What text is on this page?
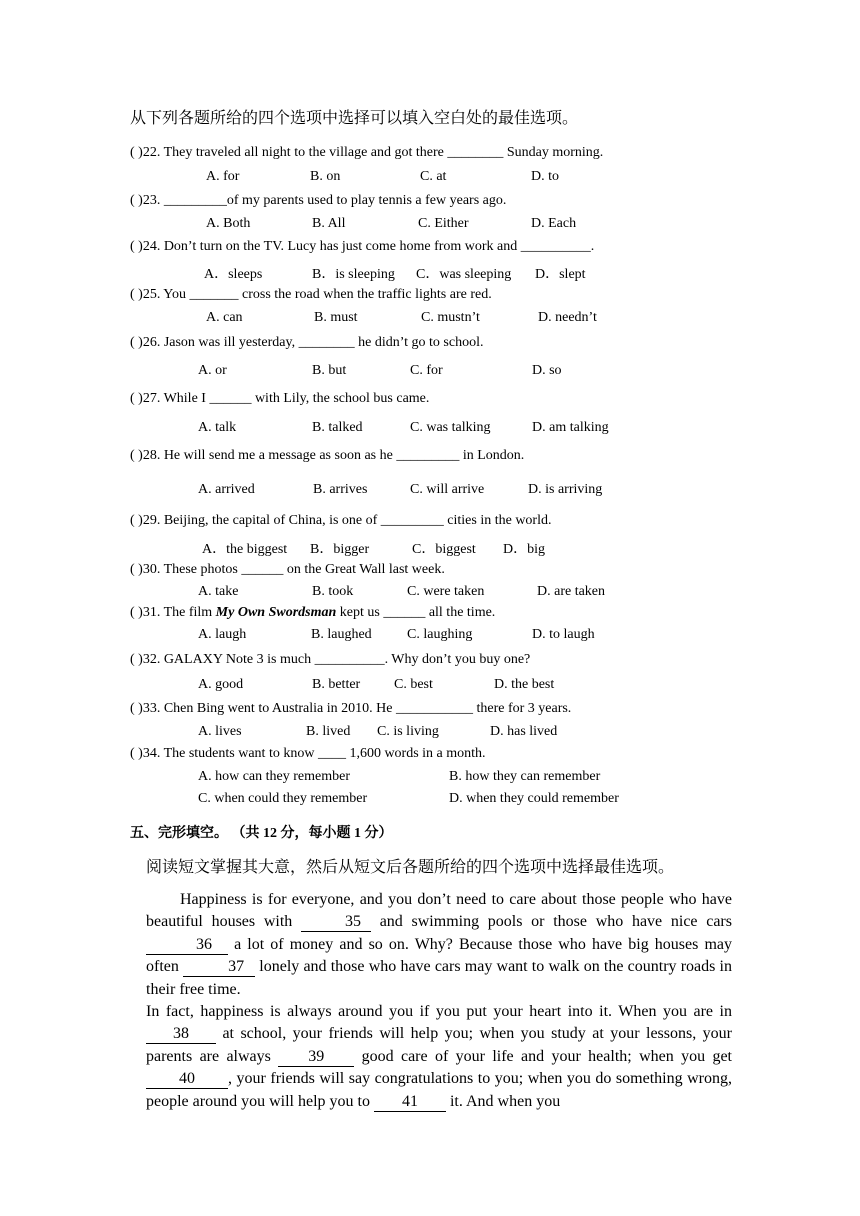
从下列各题所给的四个选项中选择可以填入空白处的最佳选项。
( )22. They traveled all night to the village and got there ________ Sunday morning.
A. for	B. on	C. at	D. to
( )23. _________of my parents used to play tennis a few years ago.
A. Both	B. All	C. Either	D. Each
( )24. Don’t turn on the TV. Lucy has just come home from work and __________.
A．sleeps	B．is sleeping C．was sleeping D．slept
( )25. You _______ cross the road when the traffic lights are red.
A. can	B. must	C. mustn’t	D. needn’t
( )26. Jason was ill yesterday, ________ he didn’t go to school.
A. or	B. but	C. for	D. so
( )27. While I ______ with Lily, the school bus came.
A. talk	B. talked	C. was talking	D. am talking
( )28. He will send me a message as soon as he _________ in London.
A. arrived	B. arrives	C. will arrive	D. is arriving
( )29. Beijing, the capital of China, is one of _________ cities in the world.
A．the biggest B．bigger	C．biggest D．big
( )30. These photos ______ on the Great Wall last week.
A. take	B. took	C. were taken	D. are taken
( )31. The film My Own Swordsman kept us ______ all the time.
A. laugh	B. laughed	C. laughing	D. to laugh
( )32. GALAXY Note 3 is much __________. Why don’t you buy one?
A. good	B. better C. best	D. the best
( )33. Chen Bing went to Australia in 2010. He ___________ there for 3 years.
A. lives	B. lived C. is living	D. has lived
( )34. The students want to know ____ 1,600 words in a month.
A. how can they remember	B. how they can remember
C. when could they remember	D. when they could remember
五、完形填空。 （共 12 分，每小题 1 分）
阅读短文掌握其大意，然后从短文后各题所给的四个选项中选择最佳选项。

Happiness is for everyone, and you don’t need to care about those people who have beautiful houses with	35 and swimming pools or those who have nice cars 36 a lot of money and so on. Why? Because those who have big houses may often	37 lonely and those who have cars may want to walk on the country roads in their free time.

In fact, happiness is always around you if you put your heart into it. When you are in 38 at school, your friends will help you; when you study at your lessons, your parents are always 39 good care of your life and your health; when you get 40 , your friends will say congratulations to you; when you do something wrong, people around you will help you to 41 it. And when you
